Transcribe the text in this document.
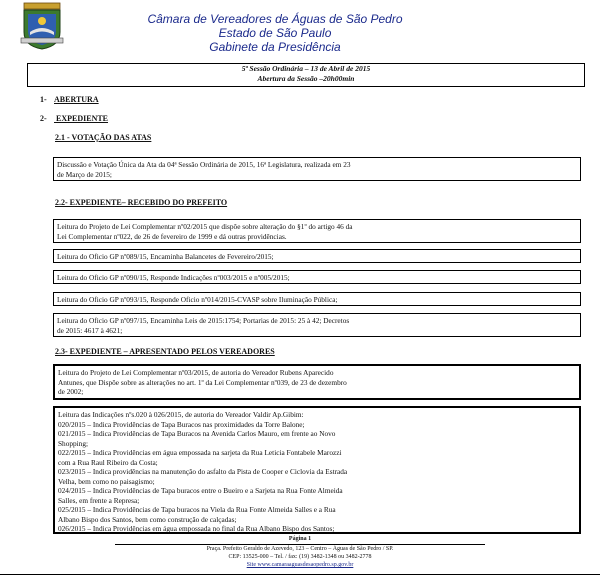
Câmara de Vereadores de Águas de São Pedro
Estado de São Paulo
Gabinete da Presidência
5ª Sessão Ordinária – 13 de Abril de 2015
Abertura da Sessão –20h00min
1- ABERTURA
2- EXPEDIENTE
2.1 - VOTAÇÃO DAS ATAS
Discussão e Votação Única da Ata da 04ª Sessão Ordinária de 2015, 16ª Legislatura, realizada em 23
de Março de 2015;
2.2- EXPEDIENTE– RECEBIDO DO PREFEITO
Leitura do Projeto de Lei Complementar nº02/2015 que dispõe sobre alteração do §1º do artigo 46 da
Lei Complementar nº022, de 26 de fevereiro de 1999 e dá outras providências.
Leitura do Oficio GP nº089/15, Encaminha Balancetes de Fevereiro/2015;
Leitura do Oficio GP nº090/15, Responde Indicações nº003/2015 e nº005/2015;
Leitura do Oficio GP nº093/15, Responde Oficio nº014/2015-CVASP sobre Iluminação Pública;
Leitura do Oficio GP nº097/15, Encaminha Leis de 2015:1754; Portarias de 2015: 25 à 42; Decretos
de 2015: 4617 à 4621;
2.3- EXPEDIENTE – APRESENTADO PELOS VEREADORES
Leitura do Projeto de Lei Complementar nº03/2015, de autoria do Vereador Rubens Aparecido
Antunes, que Dispõe sobre as alterações no art. 1º da Lei Complementar nº039, de 23 de dezembro
de 2002;
Leitura das Indicações nºs.020 à 026/2015, de autoria do Vereador Valdir Ap.Gibim:
020/2015 – Indica Providências de Tapa Buracos nas proximidades da Torre Balone;
021/2015 – Indica Providências de Tapa Buracos na Avenida Carlos Mauro, em frente ao Novo
Shopping;
022/2015 – Indica Providências em água empossada na sarjeta da Rua Leticia Fontabele Marozzi
com a Rua Raul Ribeiro da Costa;
023/2015 – Indica providências na manutenção do asfalto da Pista de Cooper e Ciclovia da Estrada
Velha, bem como no paisagismo;
024/2015 – Indica Providências de Tapa buracos entre o Bueiro e a Sarjeta na Rua Fonte Almeida
Salles, em frente a Represa;
025/2015 – Indica Providências de Tapa buracos na Viela da Rua Fonte Almeida Salles e a Rua
Albano Bispo dos Santos, bem como construção de calçadas;
026/2015 – Indica Providências em água empossada no final da Rua Albano Bispo dos Santos;
Página 1
Praça. Prefeito Geraldo de Azevedo, 123 – Centro – Águas de São Pedro / SP.
CEP: 13525-000 – Tel. / fax: (19) 3482-1348 ou 3482-2778
Site www.camaraaguasdesaopedro.sp.gov.br
